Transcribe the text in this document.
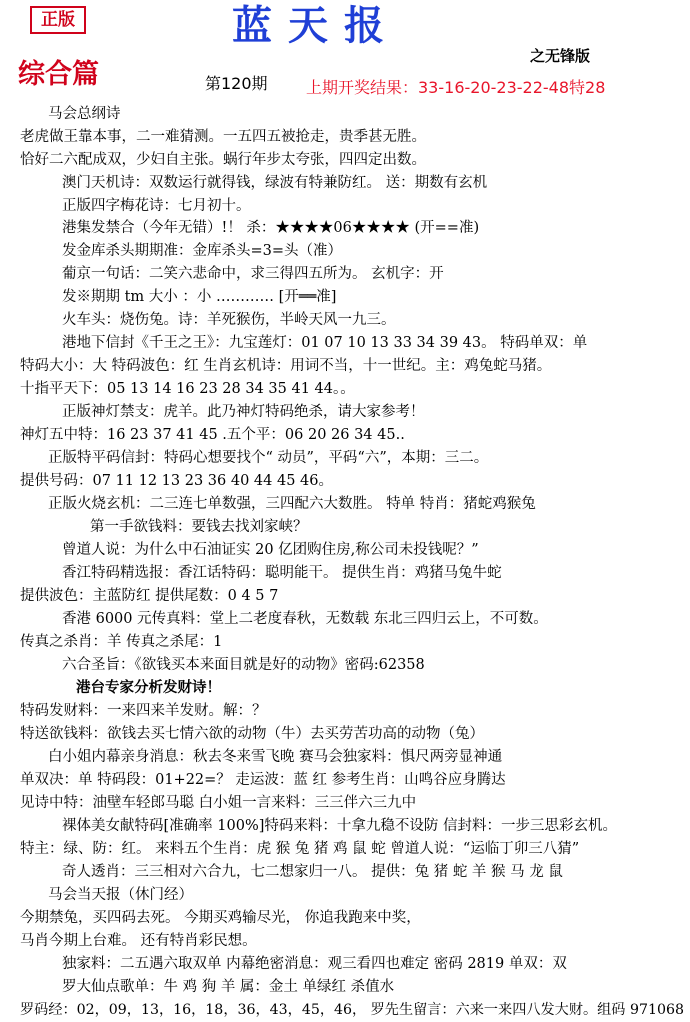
正版	蓝天报
之无锋版
综合篇	第120期 上期开奖结果：33-16-20-23-22-48特28
马会总纲诗
老虎做王靠本事，二一难猜测。一五四五被抢走，贵季甚无胜。
恰好二六配成双，少妇自主张。蜗行年步太夸张，四四定出数。
澳门天机诗：双数运行就得钱，绿波有特兼防红。 送：期数有玄机
正版四字梅花诗：七月初十。
港集发禁合（今年无错）!！ 杀：★★★★06★★★★ (开==准)
发金库杀头期期准：金库杀头=3=头（准）
葡京一句话：二笑六悲命中，求三得四五所为。 玄机字：开
发※期期 tm 大小 ：小 ………… [开══准]
火车头：烧伤兔。诗：羊死猴伤，半岭天风一九三。
港地下信封《千王之王》：九宝莲灯：01 07 10 13 33 34 39 43。 特码单双：单
特码大小：大 特码波色：红 生肖玄机诗：用词不当，十一世纪。主：鸡兔蛇马猪。
十指平天下：05 13 14 16 23 28 34 35 41 44。。
正版神灯禁支：虎羊。此乃神灯特码绝杀，请大家参考！
神灯五中特：16 23 37 41 45 .五个平：06 20 26 34 45..
正版特平码信封：特码心想要找个“ 动员”，平码“六”，本期：三二。
提供号码：07 11 12 13 23 36 40 44 45 46。
正版火烧玄机：二三连七单数强，三四配六大数胜。 特单 特肖：猪蛇鸡猴兔
第一手欲钱料：要钱去找刘家峡？
曾道人说：为什么中石油证实 20 亿团购住房,称公司未投钱呢？”
香江特码精选报：香江话特码：聪明能干。 提供生肖：鸡猪马兔牛蛇
提供波色：主蓝防红 提供尾数：0 4 5 7
香港 6000 元传真料：堂上二老度春秋，无数载 东北三四归云上，不可数。
传真之杀肖：羊 传真之杀尾：1
六合圣旨：《欲钱买本来面目就是好的动物》密码:62358
港台专家分析发财诗！
特码发财料：一来四来羊发财。解：？
特送欲钱料：欲钱去买七情六欲的动物（牛）去买劳苦功高的动物（兔）
白小姐内幕亲身消息：秋去冬来雪飞晚 赛马会独家料：惧尺两旁显神通
单双决：单 特码段：01+22=？ 走运波：蓝 红 参考生肖：山鸣谷应身腾达
见诗中特：油壁车轻郎马聪 白小姐一言来料：三三伴六三九中
裸体美女献特码[准确率 100%]特码来料：十拿九稳不设防 信封料：一步三思彩玄机。
特主：绿、防：红。 来料五个生肖：虎 猴 兔 猪 鸡 鼠 蛇 曾道人说：“运临丁卯三八猜”
奇人透肖：三三相对六合九，七二想家归一八。 提供：兔 猪 蛇 羊 猴 马 龙 鼠
马会当天报（休门经）
今期禁兔，买四码去死。 今期买鸡输尽光， 你追我跑来中奖，
马肖今期上台难。 还有特肖彩民想。
独家料：二五遇六取双单 内幕绝密消息：观三看四也难定 密码 2819 单双：双
罗大仙点歌单：牛 鸡 狗 羊 属：金土 单绿红 杀值水
罗码经：02，09，13，16，18，36，43，45，46， 罗先生留言：六来一来四八发大财。组码 971068
